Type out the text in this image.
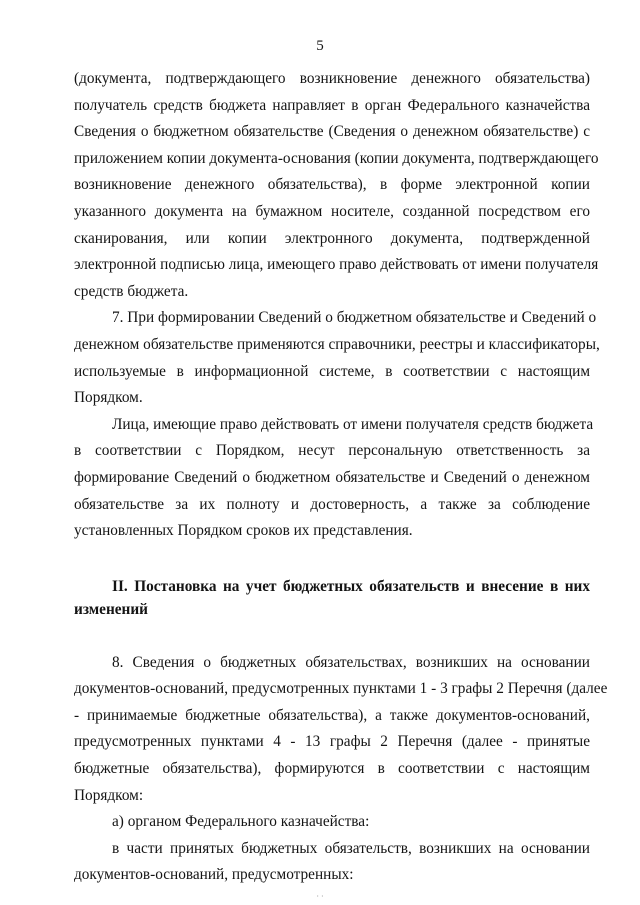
5

(документа, подтверждающего возникновение денежного обязательства)
получатель средств бюджета направляет в орган Федерального казначейства
Сведения о бюджетном обязательстве (Сведения о денежном обязательстве) с
приложением копии документа-основания (копии документа, подтверждающего
возникновение денежного обязательства), в форме электронной копии
указанного документа на бумажном носителе, созданной посредством его
сканирования, или копии электронного документа, подтвержденной
электронной подписью лица, имеющего право действовать от имени получателя
средств бюджета.

7. При формировании Сведений о бюджетном обязательстве и Сведений о
денежном обязательстве применяются справочники, реестры и классификаторы,
используемые в информационной системе, в соответствии с настоящим
Порядком.

Лица, имеющие право действовать от имени получателя средств бюджета
в соответствии с Порядком, несут персональную ответственность за
формирование Сведений о бюджетном обязательстве и Сведений о денежном
обязательстве за их полноту и достоверность, а также за соблюдение
установленных Порядком сроков их представления.

II. Постановка на учет бюджетных обязательств и внесение в них
изменений

8. Сведения о бюджетных обязательствах, возникших на основании
документов-оснований, предусмотренных пунктами 1 - 3 графы 2 Перечня (далее
- принимаемые бюджетные обязательства), а также документов-оснований,
предусмотренных пунктами 4 - 13 графы 2 Перечня (далее - принятые
бюджетные обязательства), формируются в соответствии с настоящим
Порядком:

а) органом Федерального казначейства:

в части принятых бюджетных обязательств, возникших на основании
документов-оснований, предусмотренных:

· ·
